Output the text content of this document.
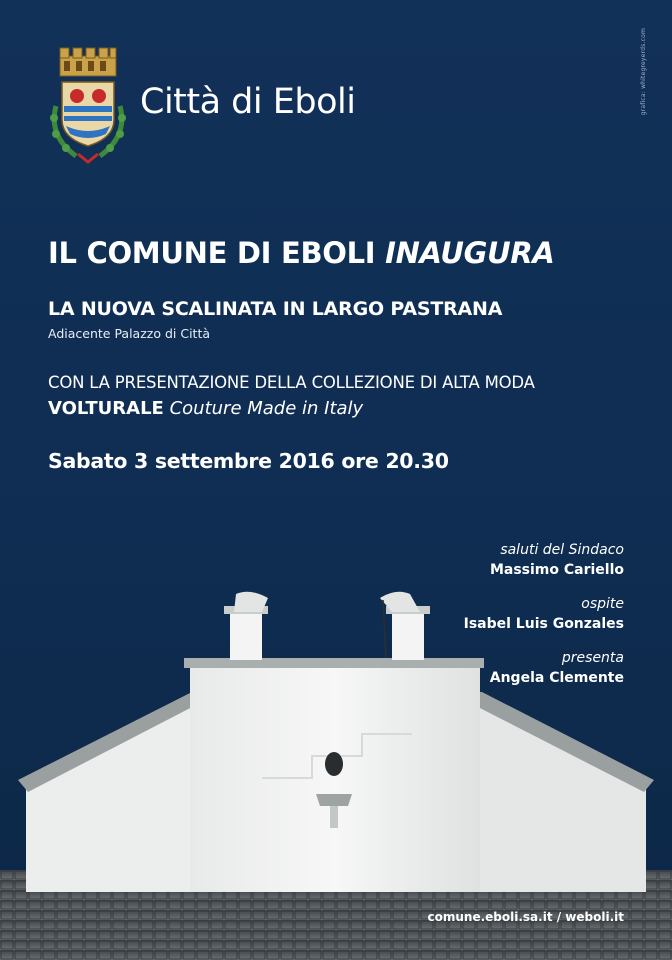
grafica: whitegreyerds.com
Città di Eboli
IL COMUNE DI EBOLI INAUGURA
LA NUOVA SCALINATA IN LARGO PASTRANA
Adiacente Palazzo di Città
CON LA PRESENTAZIONE DELLA COLLEZIONE DI ALTA MODA
VOLTURALE Couture Made in Italy
Sabato 3 settembre 2016 ore 20.30
saluti del Sindaco
Massimo Cariello
ospite
Isabel Luis Gonzales
presenta
Angela Clemente
comune.eboli.sa.it / weboli.it
